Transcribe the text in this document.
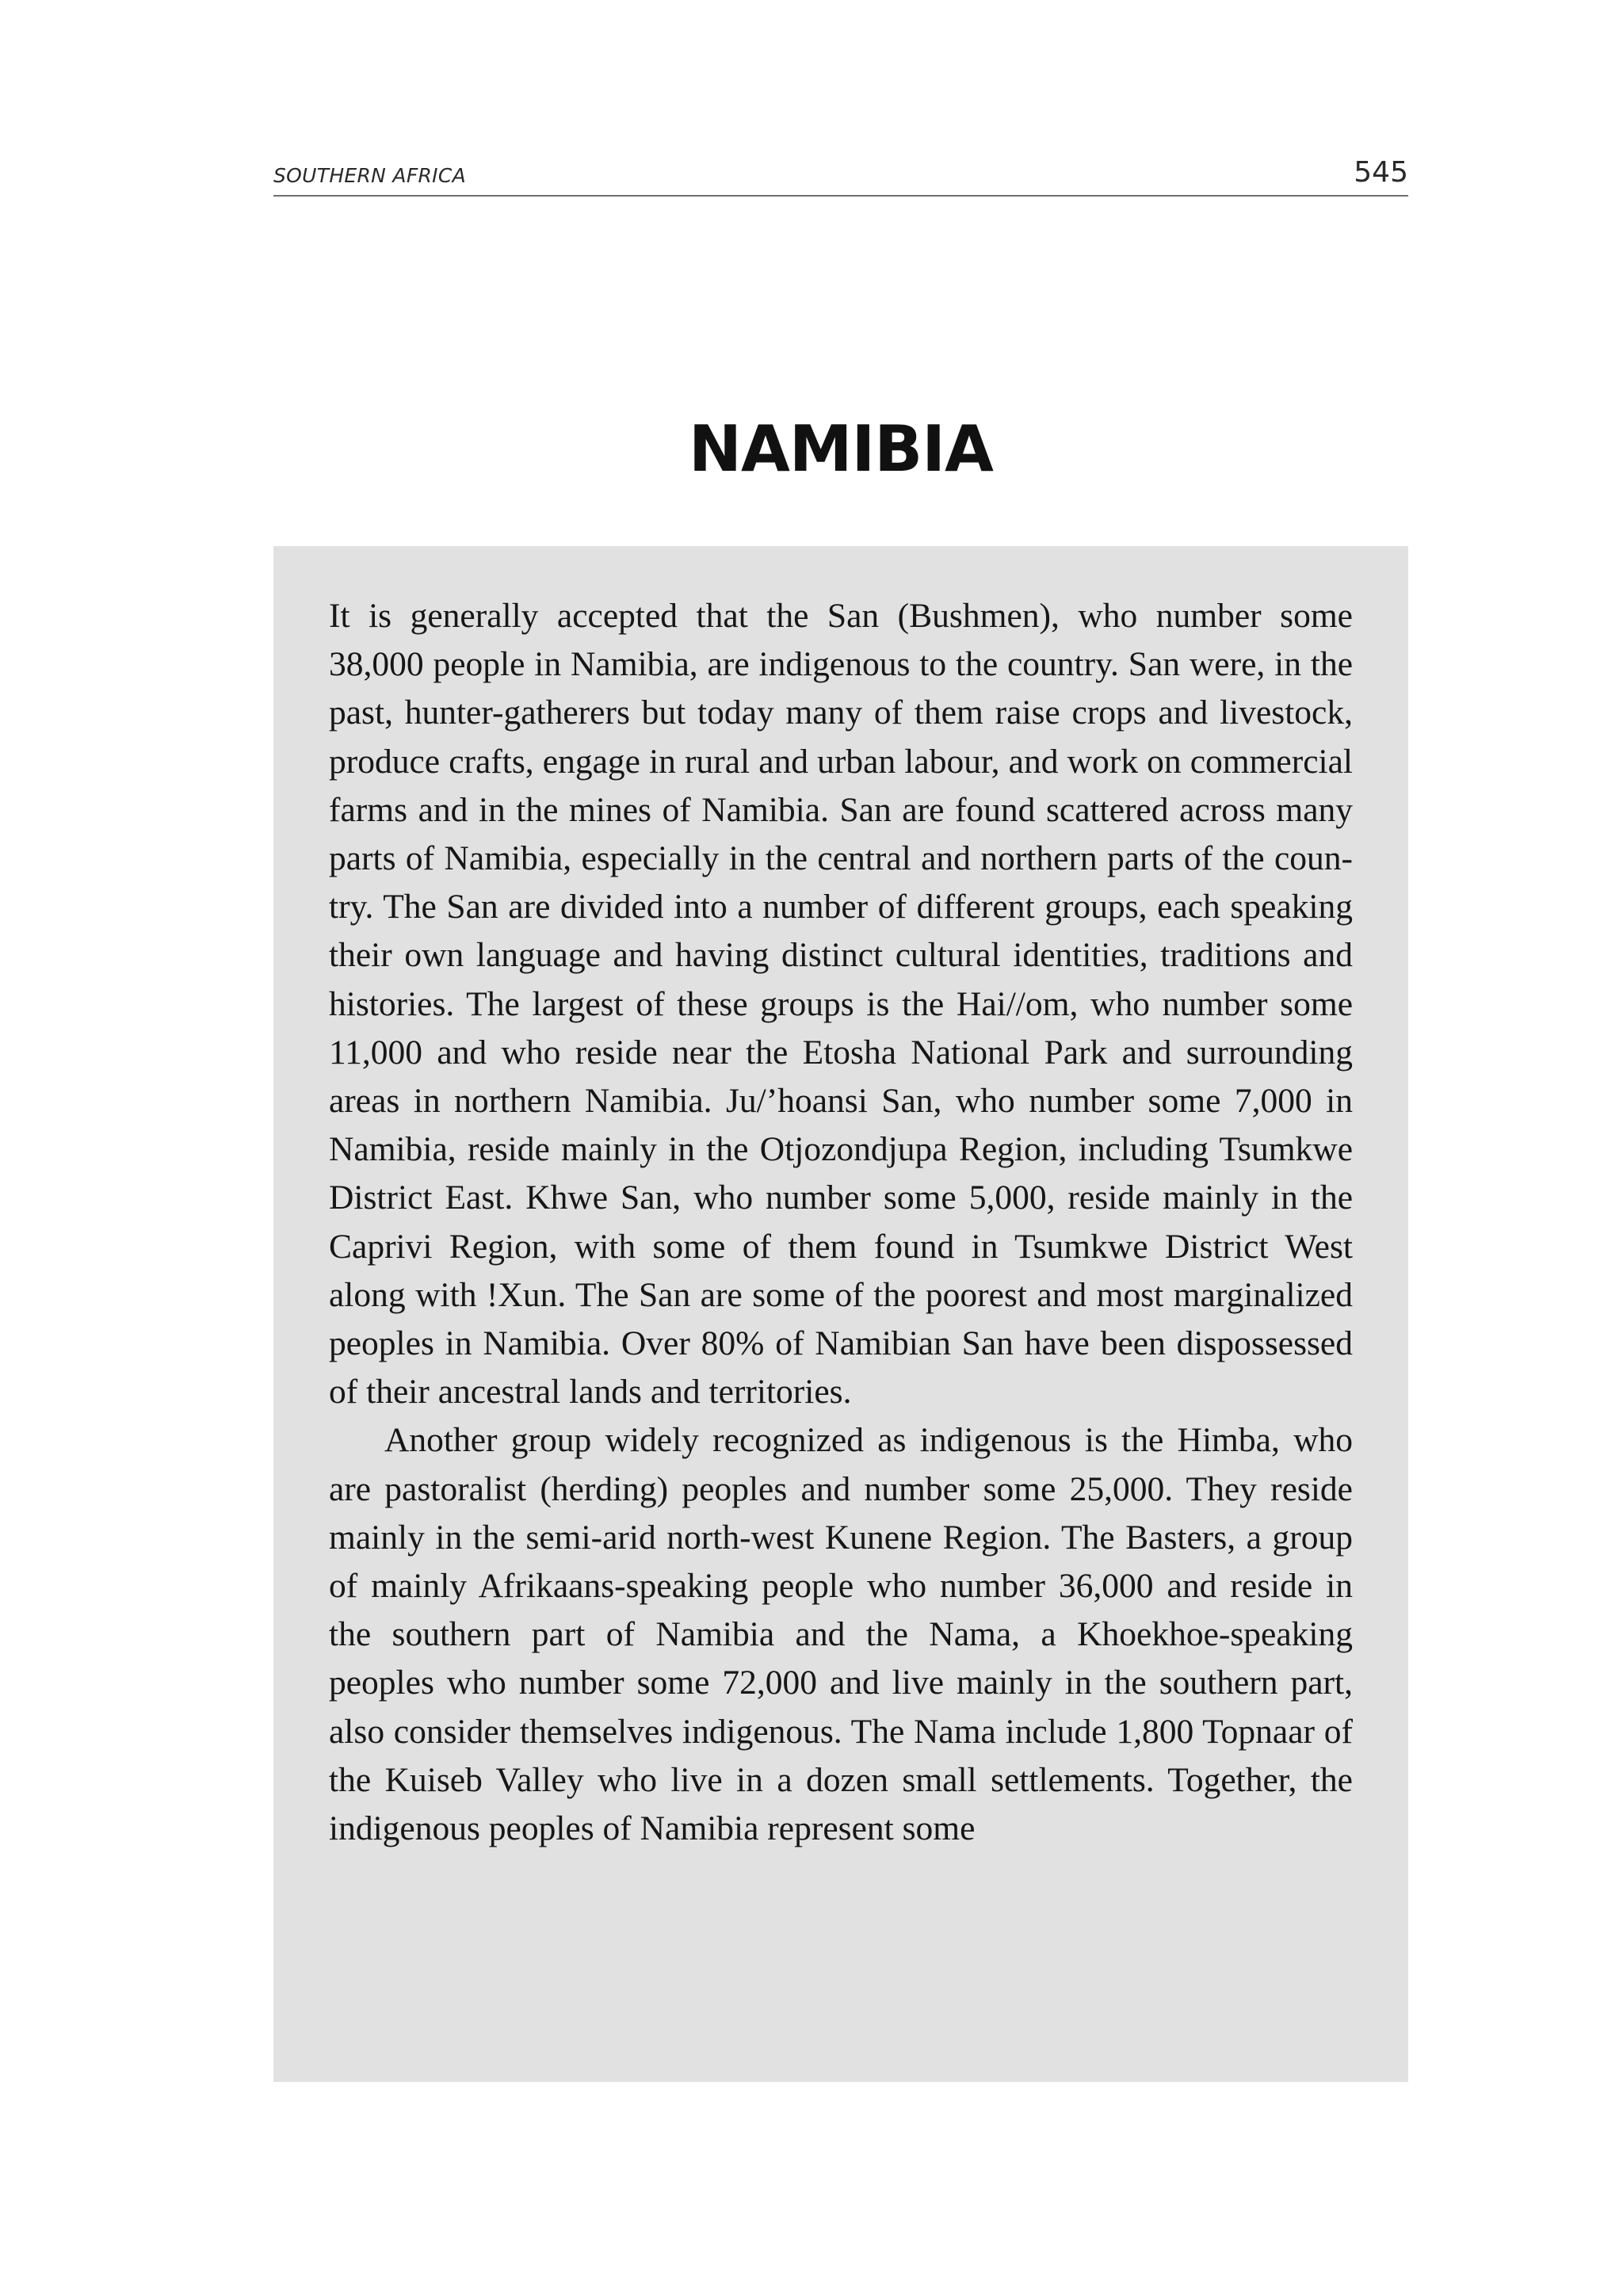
SOUTHERN AFRICA	545
NAMIBIA

It is generally accepted that the San (Bushmen), who number some 38,000 people in Namibia, are indigenous to the country. San were, in the past, hunter-gatherers but today many of them raise crops and livestock, produce crafts, engage in rural and urban labour, and work on commercial farms and in the mines of Namibia. San are found scattered across many parts of Namibia, especially in the central and northern parts of the country. The San are divided into a number of different groups, each speaking their own language and having distinct cultural identities, traditions and histories. The largest of these groups is the Hai//om, who number some 11,000 and who reside near the Etosha National Park and surrounding areas in northern Namibia. Ju/’hoansi San, who number some 7,000 in Namibia, reside mainly in the Otjozondjupa Region, including Tsumkwe District East. Khwe San, who number some 5,000, reside mainly in the Caprivi Region, with some of them found in Tsumkwe District West along with !Xun. The San are some of the poorest and most marginalized peoples in Namibia. Over 80% of Namibian San have been dispossessed of their ancestral lands and territories.

Another group widely recognized as indigenous is the Himba, who are pastoralist (herding) peoples and number some 25,000. They reside mainly in the semi-arid north-west Kunene Region. The Basters, a group of mainly Afrikaans-speaking people who number 36,000 and reside in the southern part of Namibia and the Nama, a Khoekhoe-speaking peoples who number some 72,000 and live mainly in the southern part, also consider themselves indigenous. The Nama include 1,800 Topnaar of the Kuiseb Valley who live in a dozen small settlements. Together, the indigenous peoples of Namibia represent some
